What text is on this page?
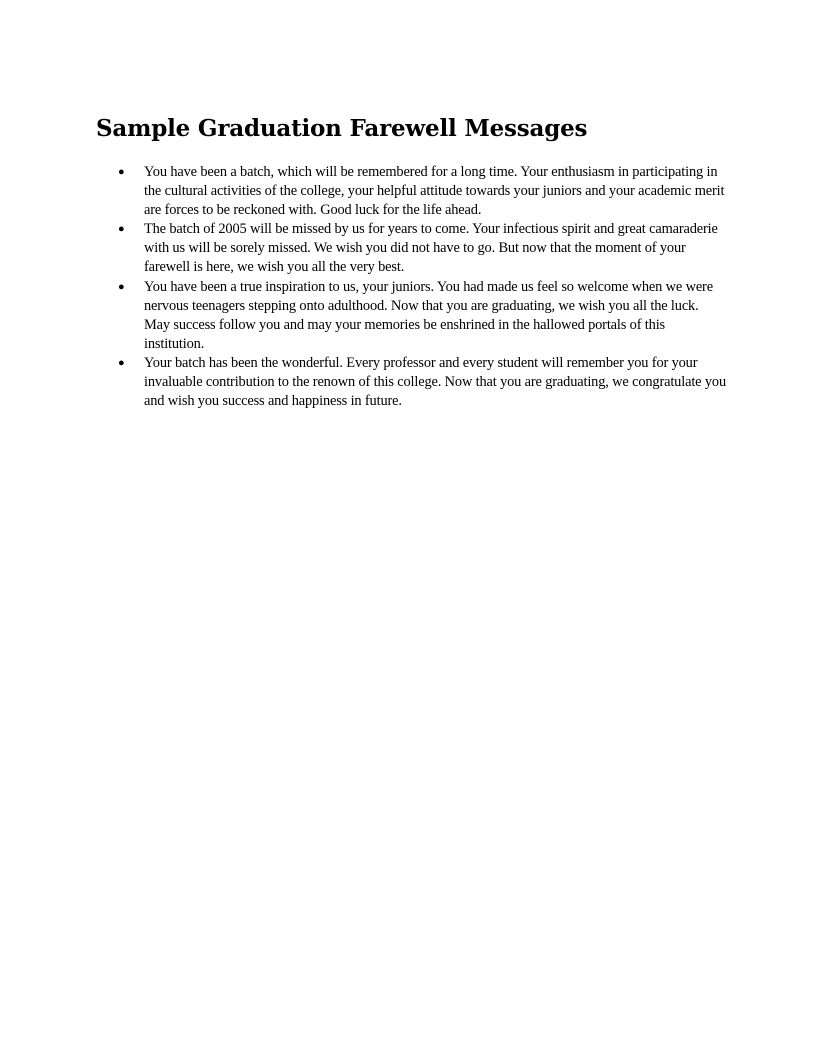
Sample Graduation Farewell Messages
●	You have been a batch, which will be remembered for a long time. Your enthusiasm in participating in the cultural activities of the college, your helpful attitude towards your juniors and your academic merit are forces to be reckoned with. Good luck for the life ahead.
●	The batch of 2005 will be missed by us for years to come. Your infectious spirit and great camaraderie with us will be sorely missed. We wish you did not have to go. But now that the moment of your farewell is here, we wish you all the very best.
●	You have been a true inspiration to us, your juniors. You had made us feel so welcome when we were nervous teenagers stepping onto adulthood. Now that you are graduating, we wish you all the luck. May success follow you and may your memories be enshrined in the hallowed portals of this institution.
●	Your batch has been the wonderful. Every professor and every student will remember you for your invaluable contribution to the renown of this college. Now that you are graduating, we congratulate you and wish you success and happiness in future.
